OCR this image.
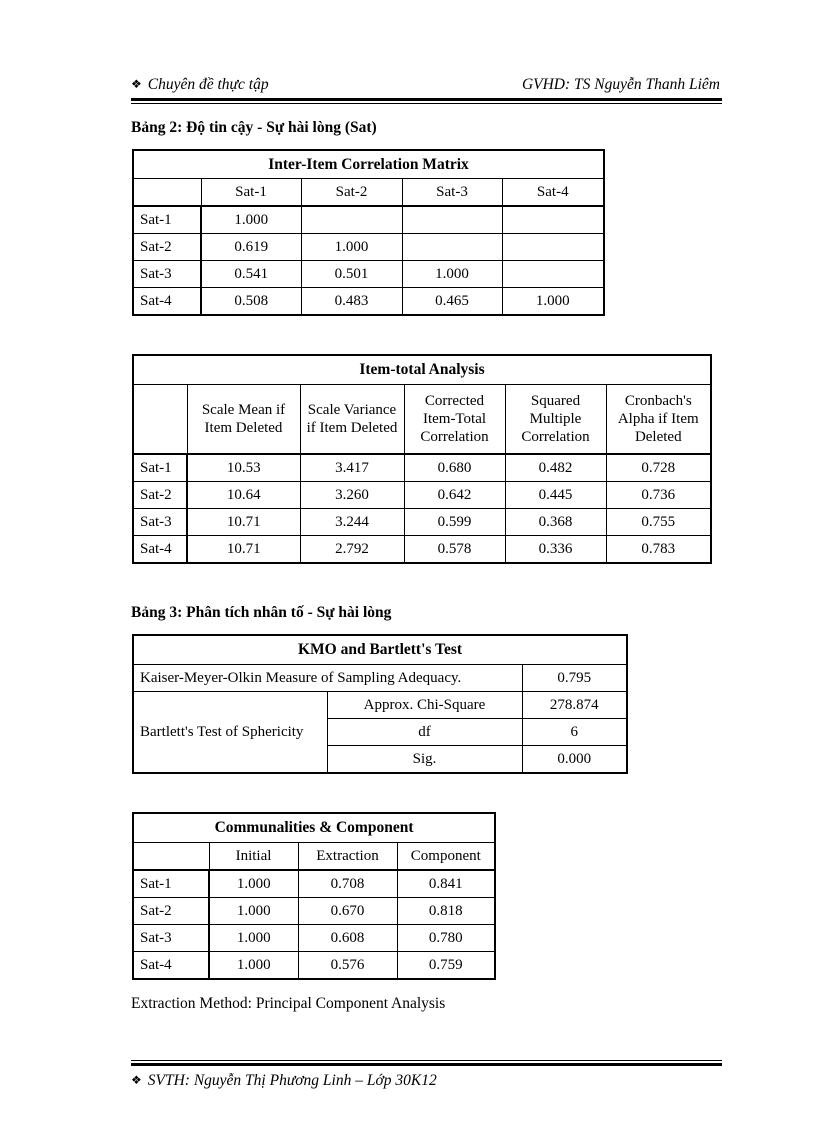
❖ Chuyên đề thực tập	GVHD: TS Nguyễn Thanh Liêm
Bảng 2: Độ tin cậy - Sự hài lòng (Sat)
Inter-Item Correlation Matrix				
	Sat-1	Sat-2	Sat-3	Sat-4
Sat-1	1.000			
Sat-2	0.619	1.000		
Sat-3	0.541	0.501	1.000	
Sat-4	0.508	0.483	0.465	1.000
Item-total Analysis					
	Scale Mean if Item Deleted	Scale Variance if Item Deleted	Corrected Item-Total Correlation	Squared Multiple Correlation	Cronbach's Alpha if Item Deleted
Sat-1	10.53	3.417	0.680	0.482	0.728
Sat-2	10.64	3.260	0.642	0.445	0.736
Sat-3	10.71	3.244	0.599	0.368	0.755
Sat-4	10.71	2.792	0.578	0.336	0.783
Bảng 3: Phân tích nhân tố - Sự hài lòng
KMO and Bartlett's Test		
Kaiser-Meyer-Olkin Measure of Sampling Adequacy.		0.795
Bartlett's Test of Sphericity	Approx. Chi-Square	278.874
	df	6
	Sig.	0.000
Communalities & Component			
	Initial	Extraction	Component
Sat-1	1.000	0.708	0.841
Sat-2	1.000	0.670	0.818
Sat-3	1.000	0.608	0.780
Sat-4	1.000	0.576	0.759
Extraction Method: Principal Component Analysis
❖ SVTH: Nguyễn Thị Phương Linh – Lớp 30K12
